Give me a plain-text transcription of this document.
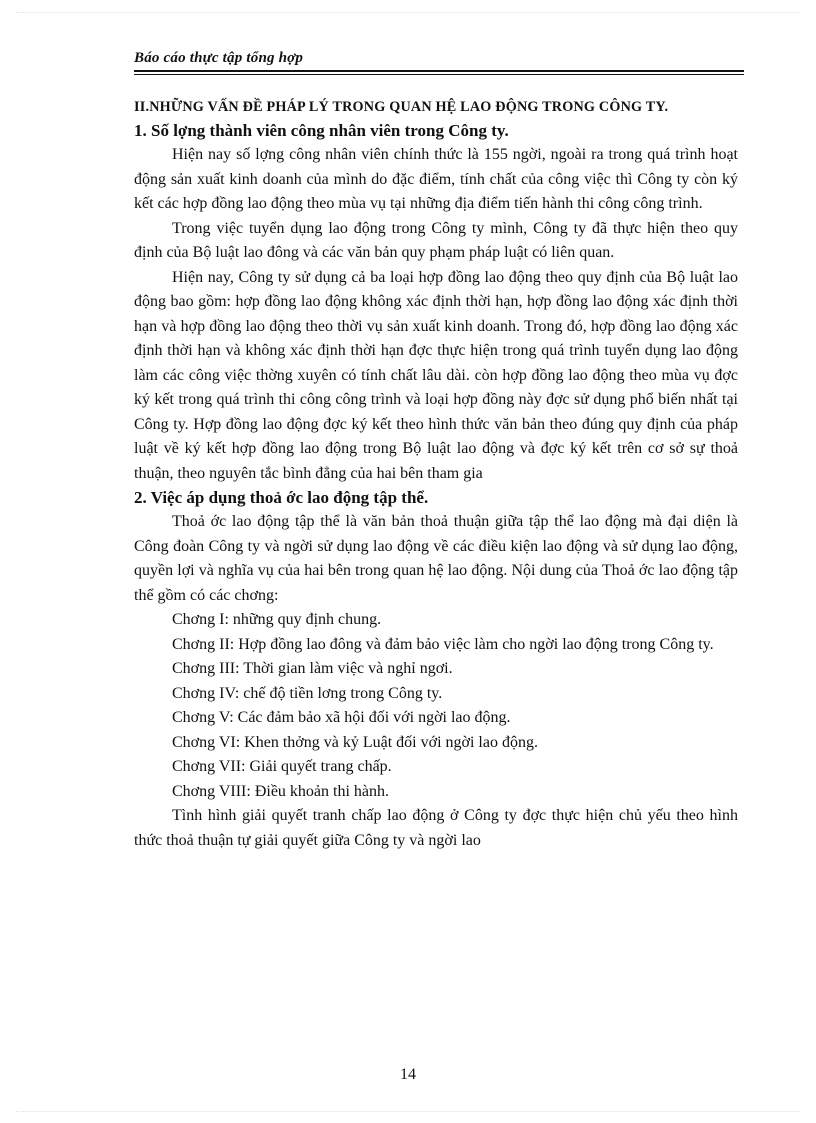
Báo cáo thực tập tổng hợp
II.NHỮNG VẤN ĐỀ PHÁP LÝ TRONG QUAN HỆ LAO ĐỘNG TRONG CÔNG TY.
1. Số lợng thành viên công nhân viên trong Công ty.

Hiện nay số lợng công nhân viên chính thức là 155 ngời, ngoài ra trong quá trình hoạt động sản xuất kinh doanh của mình do đặc điểm, tính chất của công việc thì Công ty còn ký kết các hợp đồng lao động theo mùa vụ tại những địa điểm tiến hành thi công công trình.

Trong việc tuyển dụng lao động trong Công ty mình, Công ty đã thực hiện theo quy định của Bộ luật lao đông và các văn bản quy phạm pháp luật có liên quan.

Hiện nay, Công ty sử dụng cả ba loại hợp đồng lao động theo quy định của Bộ luật lao động bao gồm: hợp đồng lao động không xác định thời hạn, hợp đồng lao động xác định thời hạn và hợp đồng lao động theo thời vụ sản xuất kinh doanh. Trong đó, hợp đồng lao động xác định thời hạn và không xác định thời hạn đợc thực hiện trong quá trình tuyển dụng lao động làm các công việc thờng xuyên có tính chất lâu dài. còn hợp đồng lao động theo mùa vụ đợc ký kết trong quá trình thi công công trình và loại hợp đồng này đợc sử dụng phổ biến nhất tại Công ty. Hợp đồng lao động đợc ký kết theo hình thức văn bản theo đúng quy định của pháp luật về ký kết hợp đồng lao động trong Bộ luật lao động và đợc ký kết trên cơ sở sự thoả thuận, theo nguyên tắc bình đẳng của hai bên tham gia

2. Việc áp dụng thoả ớc lao động tập thể.

Thoả ớc lao động tập thể là văn bản thoả thuận giữa tập thể lao động mà đại diện là Công đoàn Công ty và ngời sử dụng lao động về các điều kiện lao động và sử dụng lao động, quyền lợi và nghĩa vụ của hai bên trong quan hệ lao động. Nội dung của Thoả ớc lao động tập thể gồm có các chơng:

Chơng I: những quy định chung.
Chơng II: Hợp đồng lao đông và đảm bảo việc làm cho ngời lao động trong Công ty.
Chơng III: Thời gian làm việc và nghỉ ngơi.
Chơng IV: chế độ tiền lơng trong Công ty.
Chơng V: Các đảm bảo xã hội đối với ngời lao động.
Chơng VI: Khen thởng và kỷ Luật đối với ngời lao động.
Chơng VII: Giải quyết trang chấp.
Chơng VIII: Điều khoản thi hành.

Tình hình giải quyết tranh chấp lao động ở Công ty đợc thực hiện chủ yếu theo hình thức thoả thuận tự giải quyết giữa Công ty và ngời lao

14
